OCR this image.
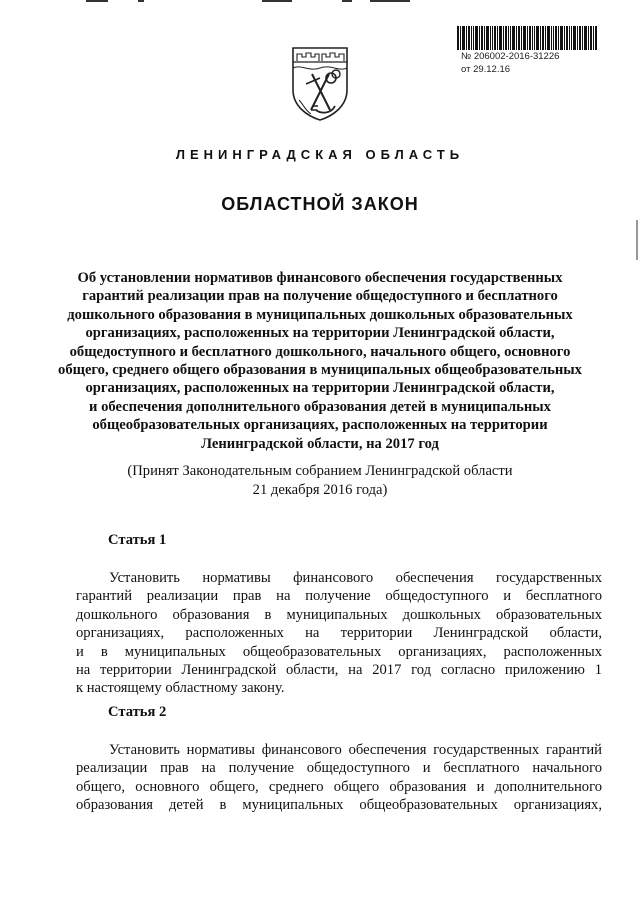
№ 206002-2016-31226
от 29.12.16
ЛЕНИНГРАДСКАЯ ОБЛАСТЬ
ОБЛАСТНОЙ ЗАКОН
Об установлении нормативов финансового обеспечения государственных
гарантий реализации прав на получение общедоступного и бесплатного
дошкольного образования в муниципальных дошкольных образовательных
организациях, расположенных на территории Ленинградской области,
общедоступного и бесплатного дошкольного, начального общего, основного
общего, среднего общего образования в муниципальных общеобразовательных
организациях, расположенных на территории Ленинградской области,
и обеспечения дополнительного образования детей в муниципальных
общеобразовательных организациях, расположенных на территории
Ленинградской области, на 2017 год
(Принят Законодательным собранием Ленинградской области
21 декабря 2016 года)
Статья 1
Установить нормативы финансового обеспечения государственных
гарантий реализации прав на получение общедоступного и бесплатного
дошкольного образования в муниципальных дошкольных образовательных
организациях, расположенных на территории Ленинградской области,
и в муниципальных общеобразовательных организациях, расположенных
на территории Ленинградской области, на 2017 год согласно приложению 1
к настоящему областному закону.
Статья 2
Установить нормативы финансового обеспечения государственных гарантий
реализации прав на получение общедоступного и бесплатного начального
общего, основного общего, среднего общего образования и дополнительного
образования детей в муниципальных общеобразовательных организациях,
